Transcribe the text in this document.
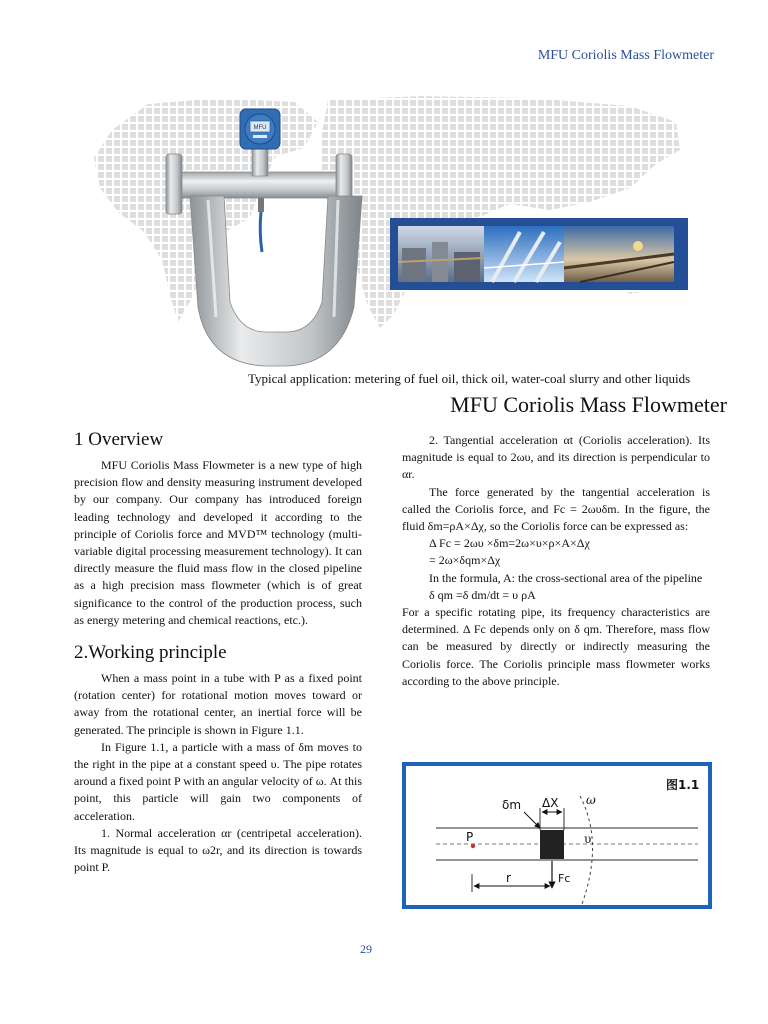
MFU Coriolis Mass Flowmeter
MFU
Typical application: metering of fuel oil, thick oil, water-coal slurry and other liquids
MFU Coriolis Mass Flowmeter
1 Overview

MFU Coriolis Mass Flowmeter is a new type of high precision flow and density measuring instrument developed by our company. Our company has introduced foreign leading technology and developed it according to the principle of Coriolis force and MVD™ technology (multi-variable digital processing measurement technology). It can directly measure the fluid mass flow in the closed pipeline as a high precision mass flowmeter (which is of great significance to the control of the production process, such as energy metering and chemical reactions, etc.).

2.Working principle

When a mass point in a tube with P as a fixed point (rotation center) for rotational motion moves toward or away from the rotational center, an inertial force will be generated. The principle is shown in Figure 1.1.

In Figure 1.1, a particle with a mass of δm moves to the right in the pipe at a constant speed υ. The pipe rotates around a fixed point P with an angular velocity of ω. At this point, this particle will gain two components of acceleration.

1. Normal acceleration αr (centripetal acceleration). Its magnitude is equal to ω2r, and its direction is towards point P.

2. Tangential acceleration αt (Coriolis acceleration). Its magnitude is equal to 2ωυ, and its direction is perpendicular to αr.

The force generated by the tangential acceleration is called the Coriolis force, and Fc = 2ωυδm. In the figure, the fluid δm=ρA×Δχ, so the Coriolis force can be expressed as:

Δ Fc = 2ωυ ×δm=2ω×υ×ρ×A×Δχ

= 2ω×δqm×Δχ

In the formula, A: the cross-sectional area of the pipeline

δ qm =δ dm/dt = υ ρA

For a specific rotating pipe, its frequency characteristics are determined. Δ Fc depends only on δ qm. Therefore, mass flow can be measured by directly or indirectly measuring the Coriolis force. The Coriolis principle mass flowmeter works according to the above principle.

图1.1
ΔX
δm	ω
P	υ
Fc
r
29
